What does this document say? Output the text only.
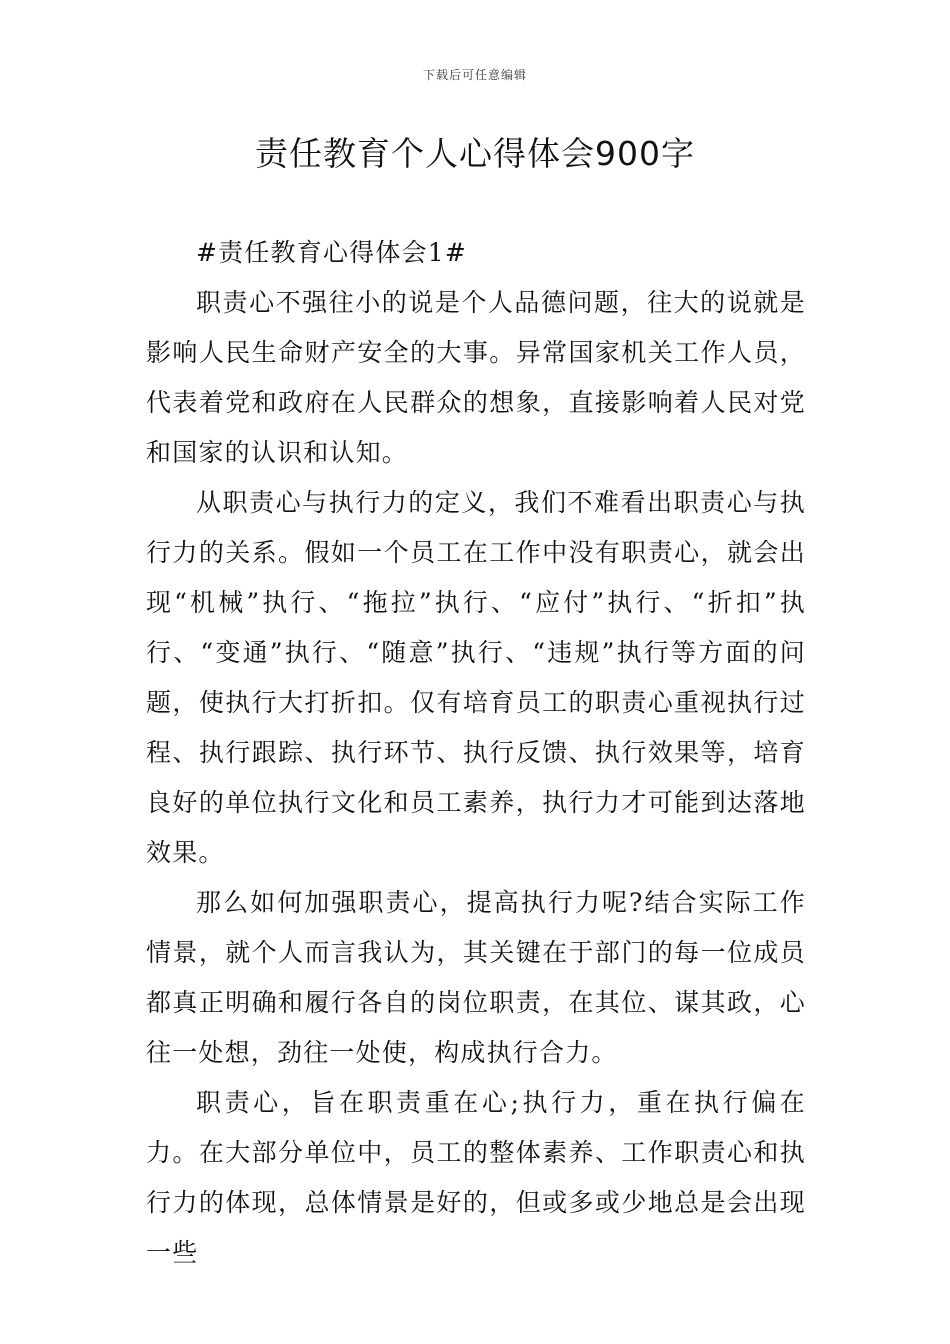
下载后可任意编辑
责任教育个人心得体会900字

#责任教育心得体会1#

职责心不强往小的说是个人品德问题，往大的说就是影响人民生命财产安全的大事。异常国家机关工作人员，代表着党和政府在人民群众的想象，直接影响着人民对党和国家的认识和认知。

从职责心与执行力的定义，我们不难看出职责心与执行力的关系。假如一个员工在工作中没有职责心，就会出现“机械”执行、“拖拉”执行、“应付”执行、“折扣”执行、“变通”执行、“随意”执行、“违规”执行等方面的问题，使执行大打折扣。仅有培育员工的职责心重视执行过程、执行跟踪、执行环节、执行反馈、执行效果等，培育良好的单位执行文化和员工素养，执行力才可能到达落地效果。

那么如何加强职责心，提高执行力呢?结合实际工作情景，就个人而言我认为，其关键在于部门的每一位成员都真正明确和履行各自的岗位职责，在其位、谋其政，心往一处想，劲往一处使，构成执行合力。

职责心，旨在职责重在心;执行力，重在执行偏在力。在大部分单位中，员工的整体素养、工作职责心和执行力的体现，总体情景是好的，但或多或少地总是会出现一些
